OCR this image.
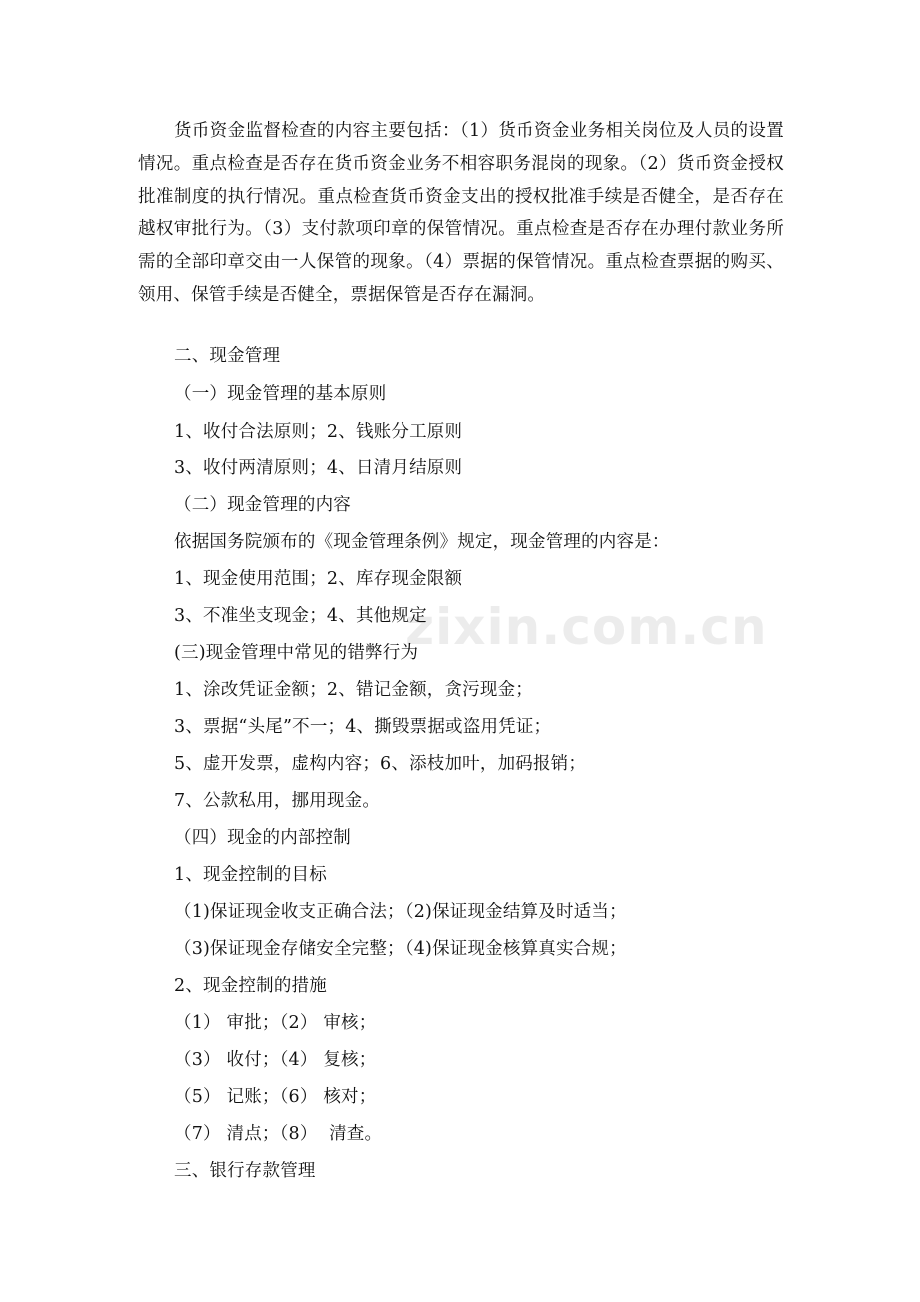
货币资金监督检查的内容主要包括：（1）货币资金业务相关岗位及人员的设置情况。重点检查是否存在货币资金业务不相容职务混岗的现象。（2）货币资金授权批准制度的执行情况。重点检查货币资金支出的授权批准手续是否健全，是否存在越权审批行为。（3）支付款项印章的保管情况。重点检查是否存在办理付款业务所需的全部印章交由一人保管的现象。（4）票据的保管情况。重点检查票据的购买、领用、保管手续是否健全，票据保管是否存在漏洞。

二、现金管理
（一）现金管理的基本原则
1、收付合法原则；2、钱账分工原则
3、收付两清原则；4、日清月结原则
（二）现金管理的内容
依据国务院颁布的《现金管理条例》规定，现金管理的内容是：
1、现金使用范围；2、库存现金限额
3、不准坐支现金；4、其他规定
(三)现金管理中常见的错弊行为
1、涂改凭证金额；2、错记金额，贪污现金；
3、票据“头尾”不一；4、撕毁票据或盗用凭证；
5、虚开发票，虚构内容；6、添枝加叶，加码报销；
7、公款私用，挪用现金。
（四）现金的内部控制
1、现金控制的目标
（1)保证现金收支正确合法；（2)保证现金结算及时适当；
（3)保证现金存储安全完整；（4)保证现金核算真实合规；
2、现金控制的措施
（1） 审批；（2） 审核；
（3） 收付；（4） 复核；
（5） 记账；（6） 核对；
（7） 清点；（8）  清查。
三、银行存款管理
zixin.com.cn
